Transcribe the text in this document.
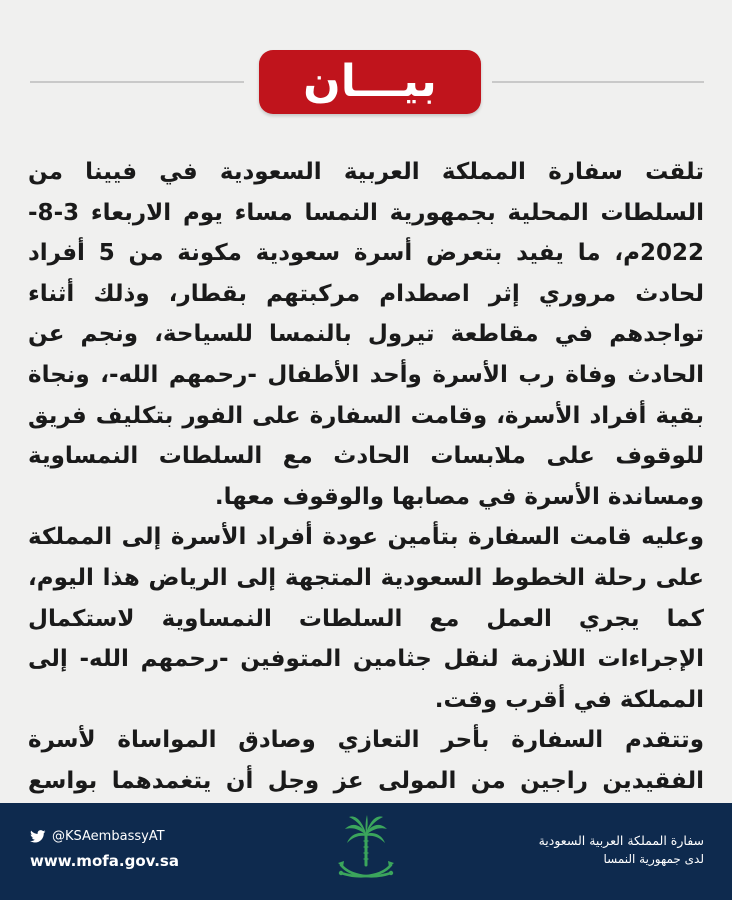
بيـــان

تلقت سفارة المملكة العربية السعودية في فيينا من السلطات المحلية بجمهورية النمسا مساء يوم الاربعاء 3-8-2022م، ما يفيد بتعرض أسرة سعودية مكونة من 5 أفراد لحادث مروري إثر اصطدام مركبتهم بقطار، وذلك أثناء تواجدهم في مقاطعة تيرول بالنمسا للسياحة، ونجم عن الحادث وفاة رب الأسرة وأحد الأطفال -رحمهم الله-، ونجاة بقية أفراد الأسرة، وقامت السفارة على الفور بتكليف فريق للوقوف على ملابسات الحادث مع السلطات النمساوية ومساندة الأسرة في مصابها والوقوف معها.

وعليه قامت السفارة بتأمين عودة أفراد الأسرة إلى المملكة على رحلة الخطوط السعودية المتجهة إلى الرياض هذا اليوم، كما يجري العمل مع السلطات النمساوية لاستكمال الإجراءات اللازمة لنقل جثامين المتوفين -رحمهم الله- إلى المملكة في أقرب وقت.

وتتقدم السفارة بأحر التعازي وصادق المواساة لأسرة الفقيدين راجين من المولى عز وجل أن يتغمدهما بواسع

@KSAembassyAT
www.mofa.gov.sa
سفارة المملكة العربية السعودية
لدى جمهورية النمسا
